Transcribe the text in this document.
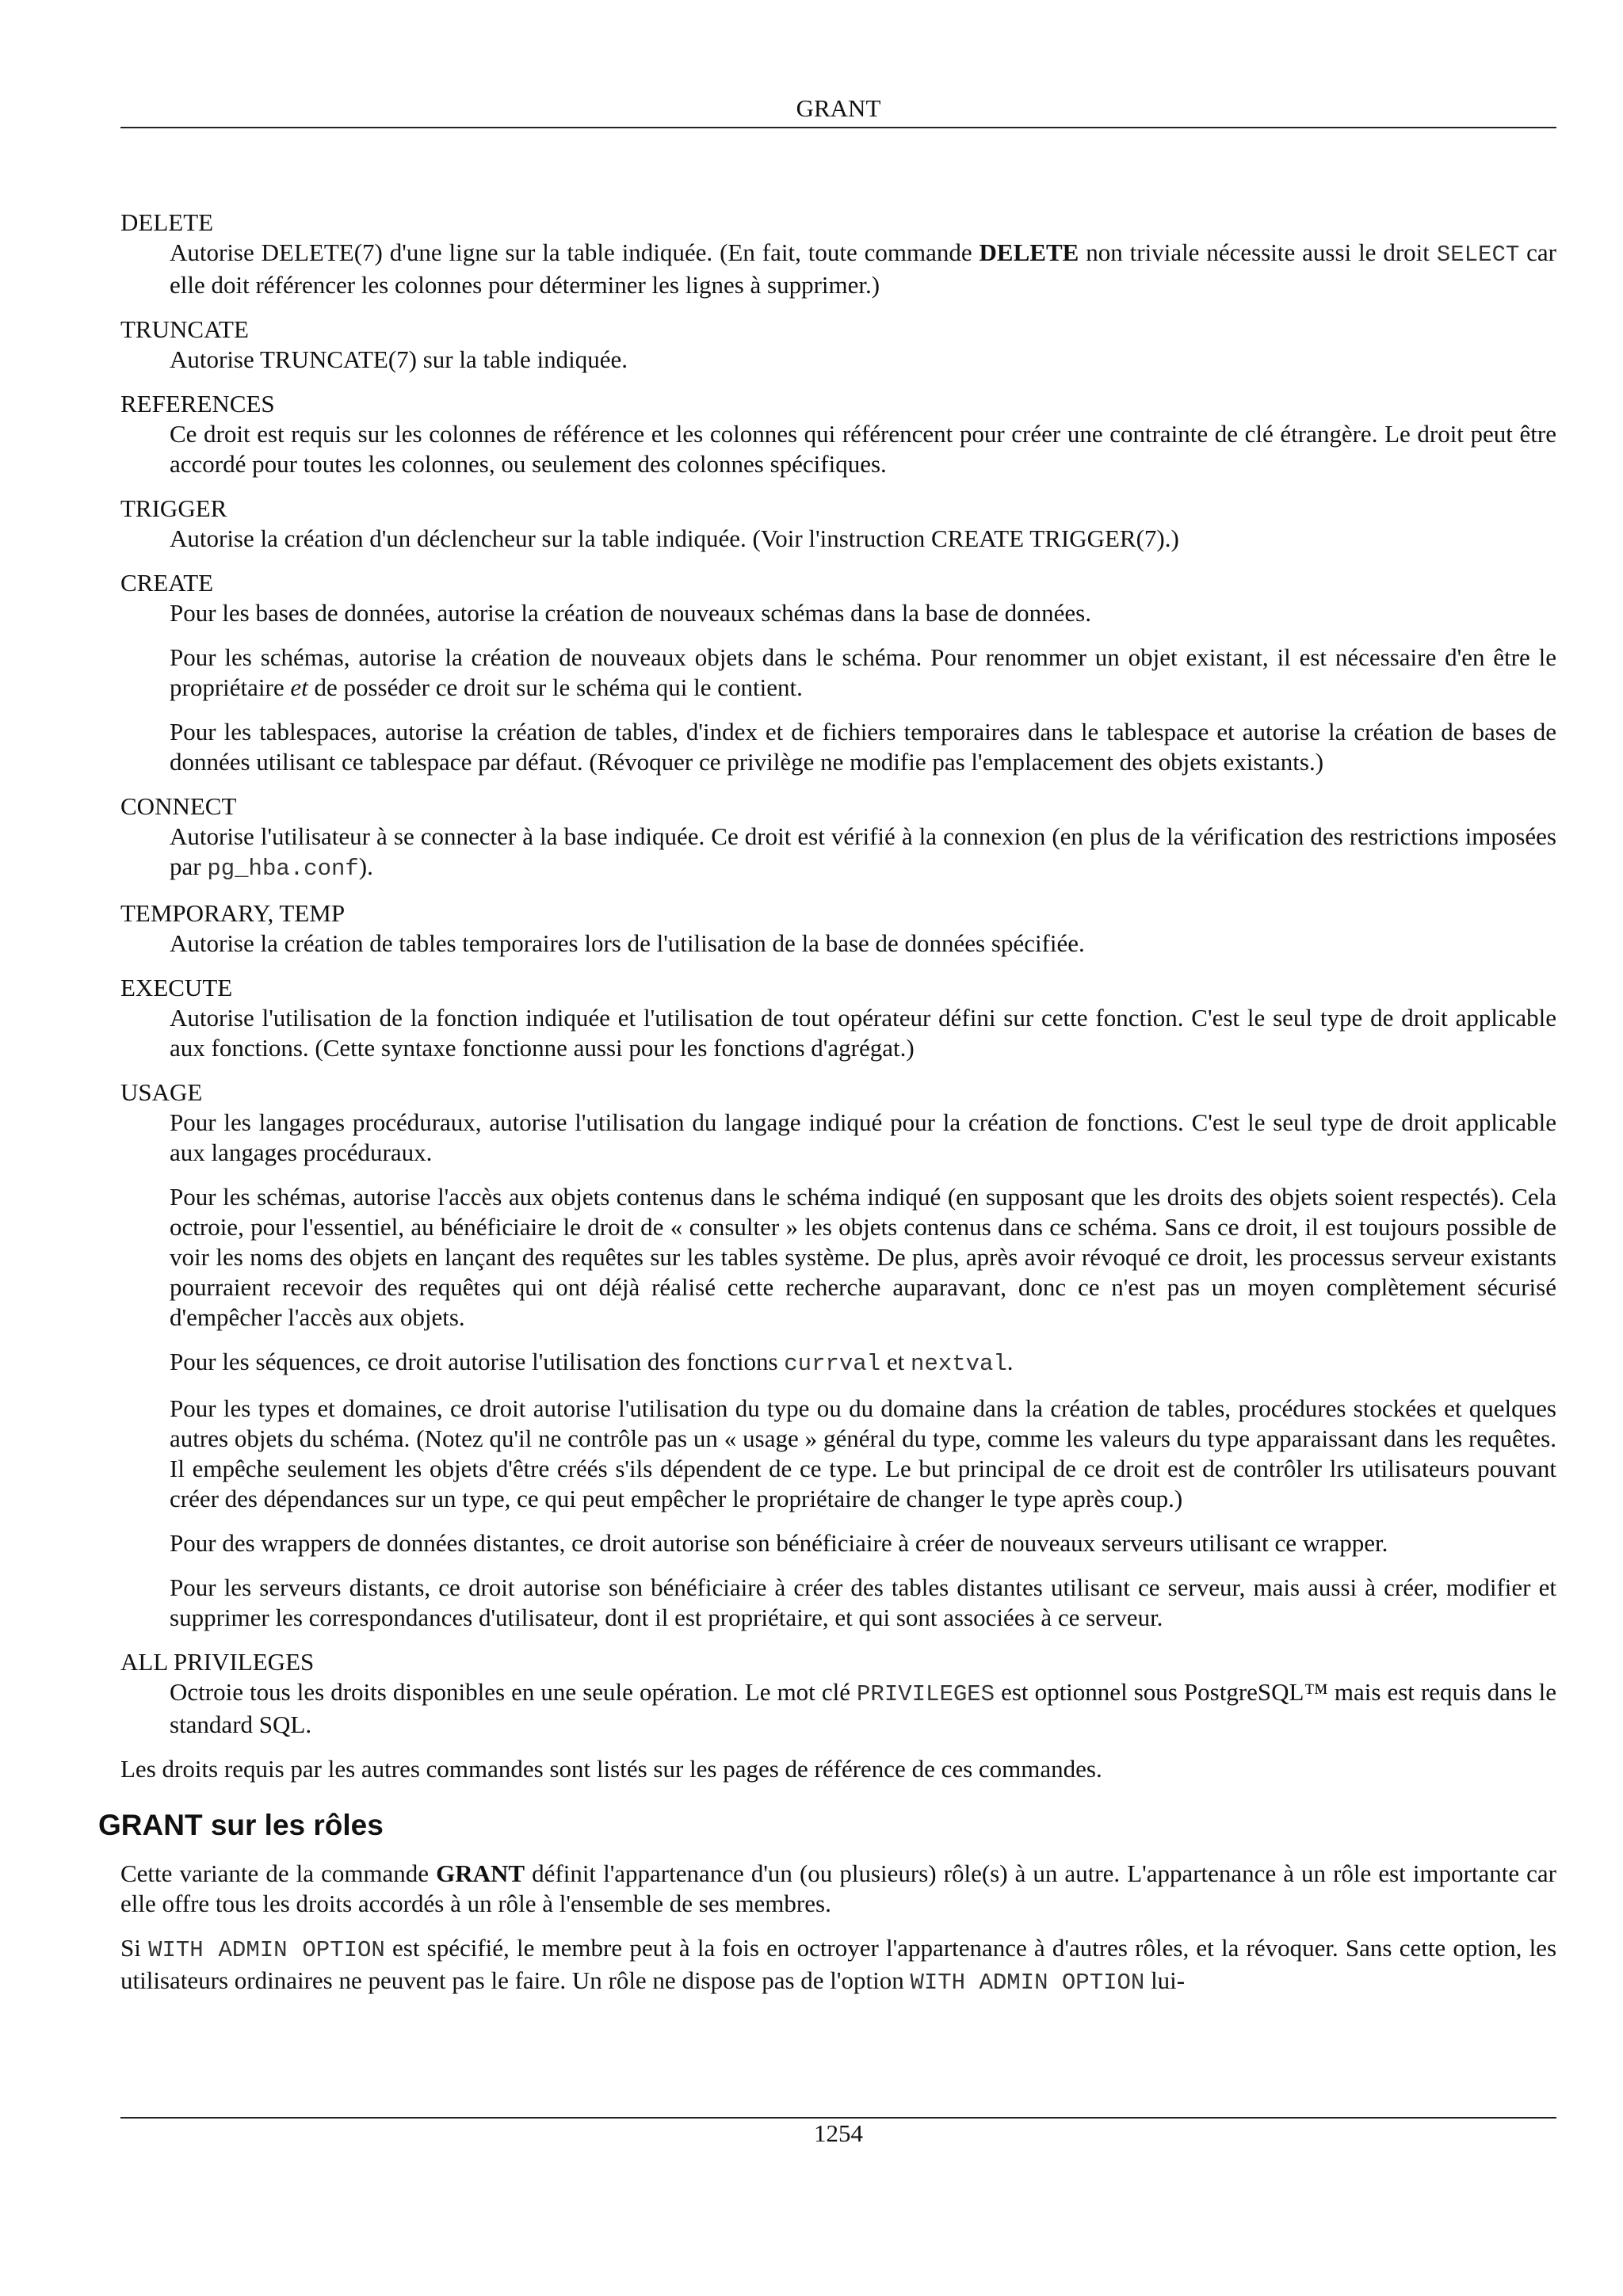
GRANT
DELETE

Autorise DELETE(7) d'une ligne sur la table indiquée. (En fait, toute commande DELETE non triviale nécessite aussi le droit SELECT car elle doit référencer les colonnes pour déterminer les lignes à supprimer.)

TRUNCATE

Autorise TRUNCATE(7) sur la table indiquée.

REFERENCES

Ce droit est requis sur les colonnes de référence et les colonnes qui référencent pour créer une contrainte de clé étrangère. Le droit peut être accordé pour toutes les colonnes, ou seulement des colonnes spécifiques.

TRIGGER

Autorise la création d'un déclencheur sur la table indiquée. (Voir l'instruction CREATE TRIGGER(7).)

CREATE

Pour les bases de données, autorise la création de nouveaux schémas dans la base de données.

Pour les schémas, autorise la création de nouveaux objets dans le schéma. Pour renommer un objet existant, il est nécessaire d'en être le propriétaire et de posséder ce droit sur le schéma qui le contient.

Pour les tablespaces, autorise la création de tables, d'index et de fichiers temporaires dans le tablespace et autorise la création de bases de données utilisant ce tablespace par défaut. (Révoquer ce privilège ne modifie pas l'emplacement des objets existants.)

CONNECT

Autorise l'utilisateur à se connecter à la base indiquée. Ce droit est vérifié à la connexion (en plus de la vérification des restrictions imposées par pg_hba.conf).

TEMPORARY, TEMP

Autorise la création de tables temporaires lors de l'utilisation de la base de données spécifiée.

EXECUTE

Autorise l'utilisation de la fonction indiquée et l'utilisation de tout opérateur défini sur cette fonction. C'est le seul type de droit applicable aux fonctions. (Cette syntaxe fonctionne aussi pour les fonctions d'agrégat.)

USAGE

Pour les langages procéduraux, autorise l'utilisation du langage indiqué pour la création de fonctions. C'est le seul type de droit applicable aux langages procéduraux.

Pour les schémas, autorise l'accès aux objets contenus dans le schéma indiqué (en supposant que les droits des objets soient respectés). Cela octroie, pour l'essentiel, au bénéficiaire le droit de « consulter » les objets contenus dans ce schéma. Sans ce droit, il est toujours possible de voir les noms des objets en lançant des requêtes sur les tables système. De plus, après avoir révoqué ce droit, les processus serveur existants pourraient recevoir des requêtes qui ont déjà réalisé cette recherche auparavant, donc ce n'est pas un moyen complètement sécurisé d'empêcher l'accès aux objets.

Pour les séquences, ce droit autorise l'utilisation des fonctions currval et nextval.

Pour les types et domaines, ce droit autorise l'utilisation du type ou du domaine dans la création de tables, procédures stockées et quelques autres objets du schéma. (Notez qu'il ne contrôle pas un « usage » général du type, comme les valeurs du type apparaissant dans les requêtes. Il empêche seulement les objets d'être créés s'ils dépendent de ce type. Le but principal de ce droit est de contrôler lrs utilisateurs pouvant créer des dépendances sur un type, ce qui peut empêcher le propriétaire de changer le type après coup.)

Pour des wrappers de données distantes, ce droit autorise son bénéficiaire à créer de nouveaux serveurs utilisant ce wrapper.

Pour les serveurs distants, ce droit autorise son bénéficiaire à créer des tables distantes utilisant ce serveur, mais aussi à créer, modifier et supprimer les correspondances d'utilisateur, dont il est propriétaire, et qui sont associées à ce serveur.

ALL PRIVILEGES

Octroie tous les droits disponibles en une seule opération. Le mot clé PRIVILEGES est optionnel sous PostgreSQL™ mais est requis dans le standard SQL.

Les droits requis par les autres commandes sont listés sur les pages de référence de ces commandes.

GRANT sur les rôles

Cette variante de la commande GRANT définit l'appartenance d'un (ou plusieurs) rôle(s) à un autre. L'appartenance à un rôle est importante car elle offre tous les droits accordés à un rôle à l'ensemble de ses membres.

Si WITH ADMIN OPTION est spécifié, le membre peut à la fois en octroyer l'appartenance à d'autres rôles, et la révoquer. Sans cette option, les utilisateurs ordinaires ne peuvent pas le faire. Un rôle ne dispose pas de l'option WITH ADMIN OPTION lui-

1254
